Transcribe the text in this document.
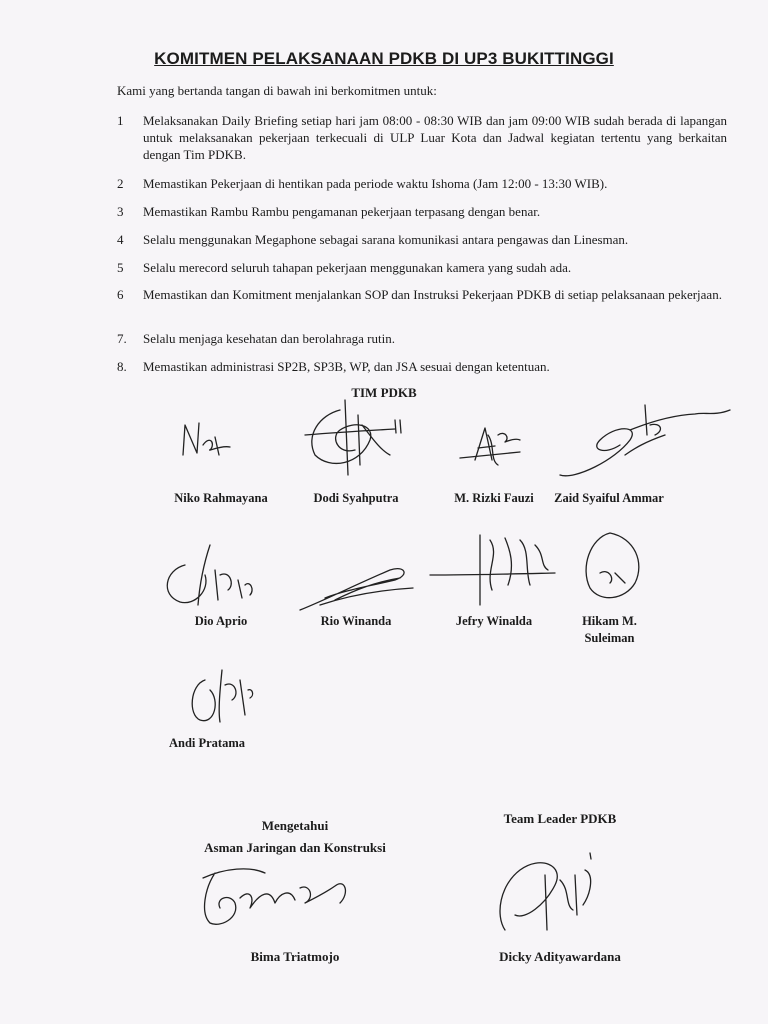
KOMITMEN PELAKSANAAN PDKB DI UP3 BUKITTINGGI
Kami yang bertanda tangan di bawah ini berkomitmen untuk:
1 Melaksanakan Daily Briefing setiap hari jam 08:00 - 08:30 WIB dan jam 09:00 WIB sudah berada di lapangan untuk melaksanakan pekerjaan terkecuali di ULP Luar Kota dan Jadwal kegiatan tertentu yang berkaitan dengan Tim PDKB.
2 Memastikan Pekerjaan di hentikan pada periode waktu Ishoma (Jam 12:00 - 13:30 WIB).
3 Memastikan Rambu Rambu pengamanan pekerjaan terpasang dengan benar.
4 Selalu menggunakan Megaphone sebagai sarana komunikasi antara pengawas dan Linesman.
5 Selalu merecord seluruh tahapan pekerjaan menggunakan kamera yang sudah ada.
6 Memastikan dan Komitment menjalankan SOP dan Instruksi Pekerjaan PDKB di setiap pelaksanaan pekerjaan.
7. Selalu menjaga kesehatan dan berolahraga rutin.
8. Memastikan administrasi SP2B, SP3B, WP, dan JSA sesuai dengan ketentuan.
TIM PDKB
Niko Rahmayana	Dodi Syahputra	M. Rizki Fauzi	Zaid Syaiful Ammar
Dio Aprio	Rio Winanda	Jefry Winalda	Hikam M. Suleiman
Andi Pratama
Mengetahui
Asman Jaringan dan Konstruksi
Bima Triatmojo
Team Leader PDKB
Dicky Adityawardana
